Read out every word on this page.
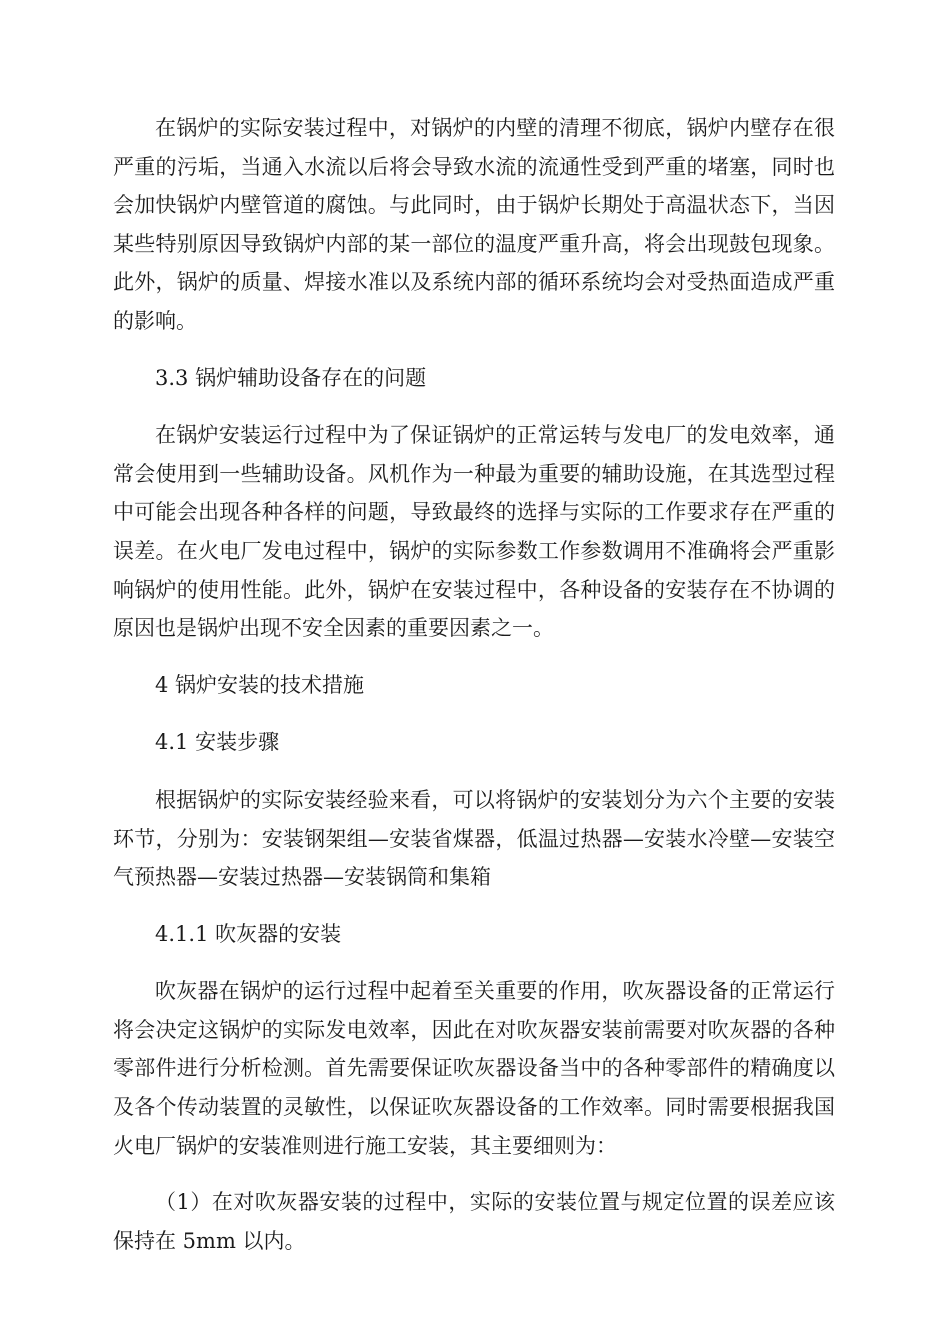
在锅炉的实际安装过程中，对锅炉的内壁的清理不彻底，锅炉内壁存在很严重的污垢，当通入水流以后将会导致水流的流通性受到严重的堵塞，同时也会加快锅炉内壁管道的腐蚀。与此同时，由于锅炉长期处于高温状态下，当因某些特别原因导致锅炉内部的某一部位的温度严重升高，将会出现鼓包现象。此外，锅炉的质量、焊接水准以及系统内部的循环系统均会对受热面造成严重的影响。

3.3 锅炉辅助设备存在的问题

在锅炉安装运行过程中为了保证锅炉的正常运转与发电厂的发电效率，通常会使用到一些辅助设备。风机作为一种最为重要的辅助设施，在其选型过程中可能会出现各种各样的问题，导致最终的选择与实际的工作要求存在严重的误差。在火电厂发电过程中，锅炉的实际参数工作参数调用不准确将会严重影响锅炉的使用性能。此外，锅炉在安装过程中，各种设备的安装存在不协调的原因也是锅炉出现不安全因素的重要因素之一。

4 锅炉安装的技术措施

4.1 安装步骤

根据锅炉的实际安装经验来看，可以将锅炉的安装划分为六个主要的安装环节，分别为：安装钢架组—安装省煤器，低温过热器—安装水冷壁—安装空气预热器—安装过热器—安装锅筒和集箱

4.1.1 吹灰器的安装

吹灰器在锅炉的运行过程中起着至关重要的作用，吹灰器设备的正常运行将会决定这锅炉的实际发电效率，因此在对吹灰器安装前需要对吹灰器的各种零部件进行分析检测。首先需要保证吹灰器设备当中的各种零部件的精确度以及各个传动装置的灵敏性，以保证吹灰器设备的工作效率。同时需要根据我国火电厂锅炉的安装准则进行施工安装，其主要细则为：

（1）在对吹灰器安装的过程中，实际的安装位置与规定位置的误差应该保持在 5mm 以内。
